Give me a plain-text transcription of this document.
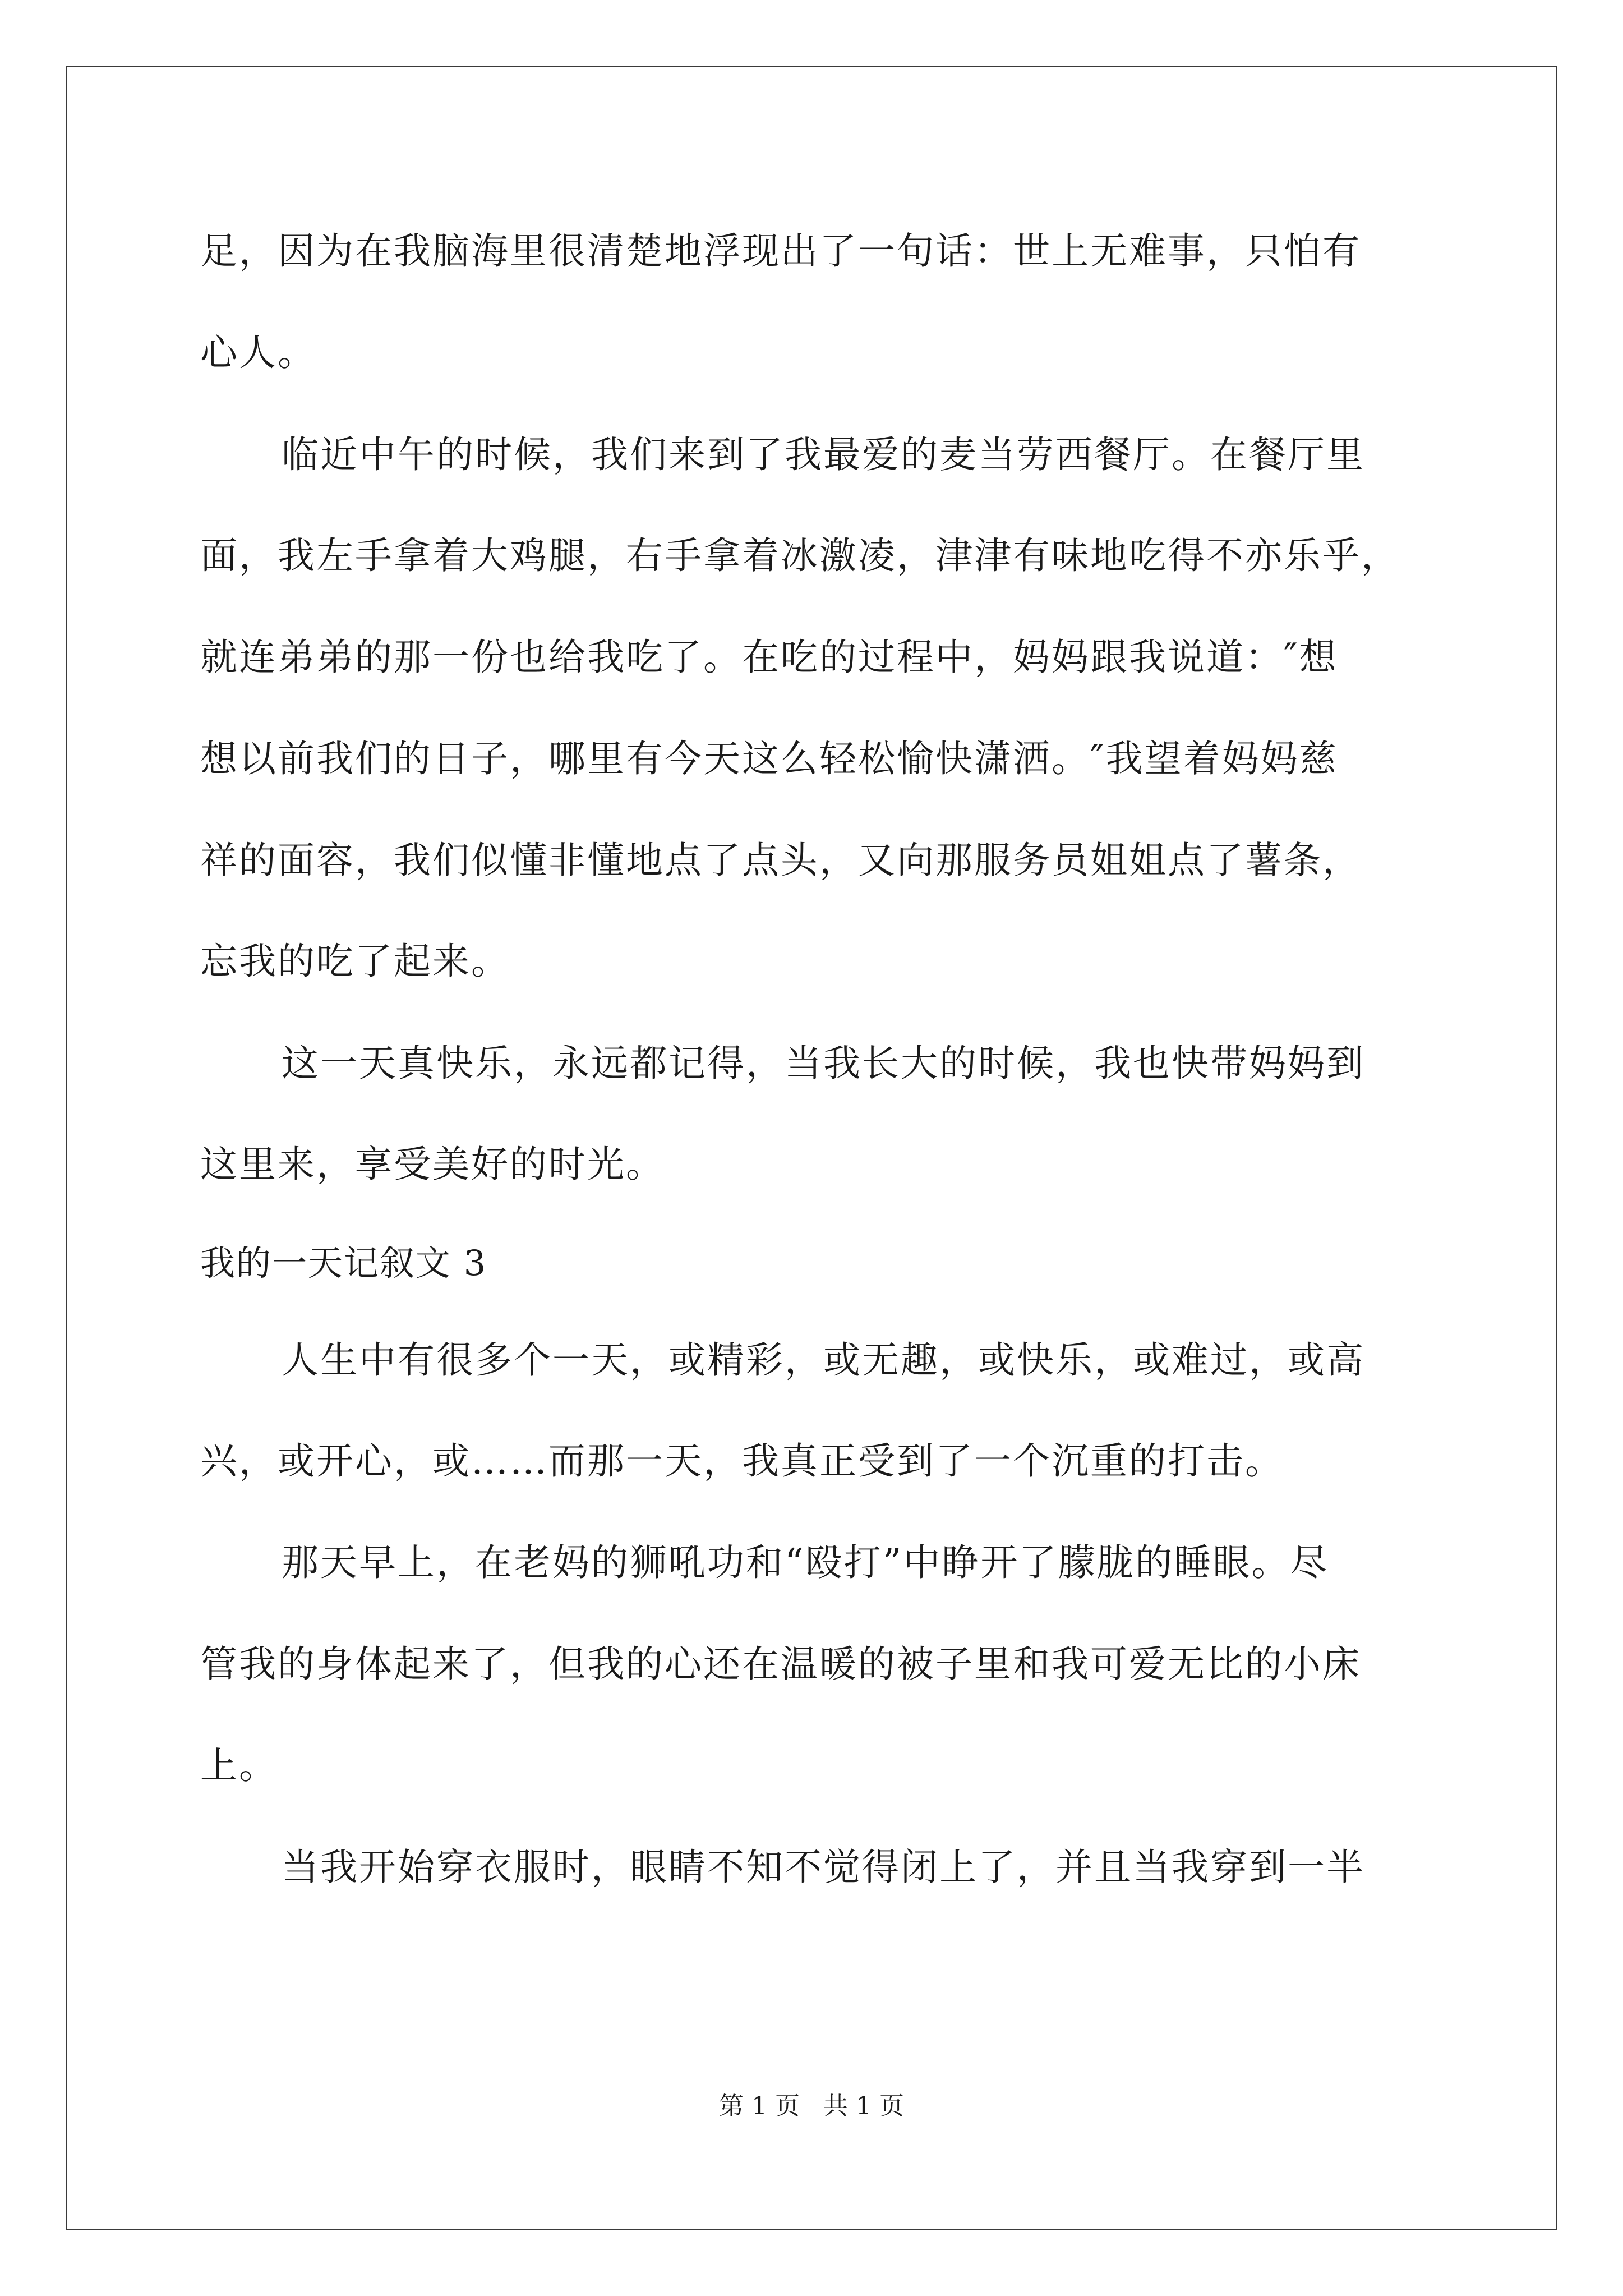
足，因为在我脑海里很清楚地浮现出了一句话：世上无难事，只怕有
心人。
临近中午的时候，我们来到了我最爱的麦当劳西餐厅。在餐厅里
面，我左手拿着大鸡腿，右手拿着冰激凌，津津有味地吃得不亦乐乎，
就连弟弟的那一份也给我吃了。在吃的过程中，妈妈跟我说道：″想
想以前我们的日子，哪里有今天这么轻松愉快潇洒。″我望着妈妈慈
祥的面容，我们似懂非懂地点了点头，又向那服务员姐姐点了薯条，
忘我的吃了起来。
这一天真快乐，永远都记得，当我长大的时候，我也快带妈妈到
这里来，享受美好的时光。
我的一天记叙文 3
人生中有很多个一天，或精彩，或无趣，或快乐，或难过，或高
兴，或开心，或……而那一天，我真正受到了一个沉重的打击。
那天早上，在老妈的狮吼功和“殴打”中睁开了朦胧的睡眼。尽
管我的身体起来了，但我的心还在温暖的被子里和我可爱无比的小床
上。
当我开始穿衣服时，眼睛不知不觉得闭上了，并且当我穿到一半
第 1 页   共 1 页
